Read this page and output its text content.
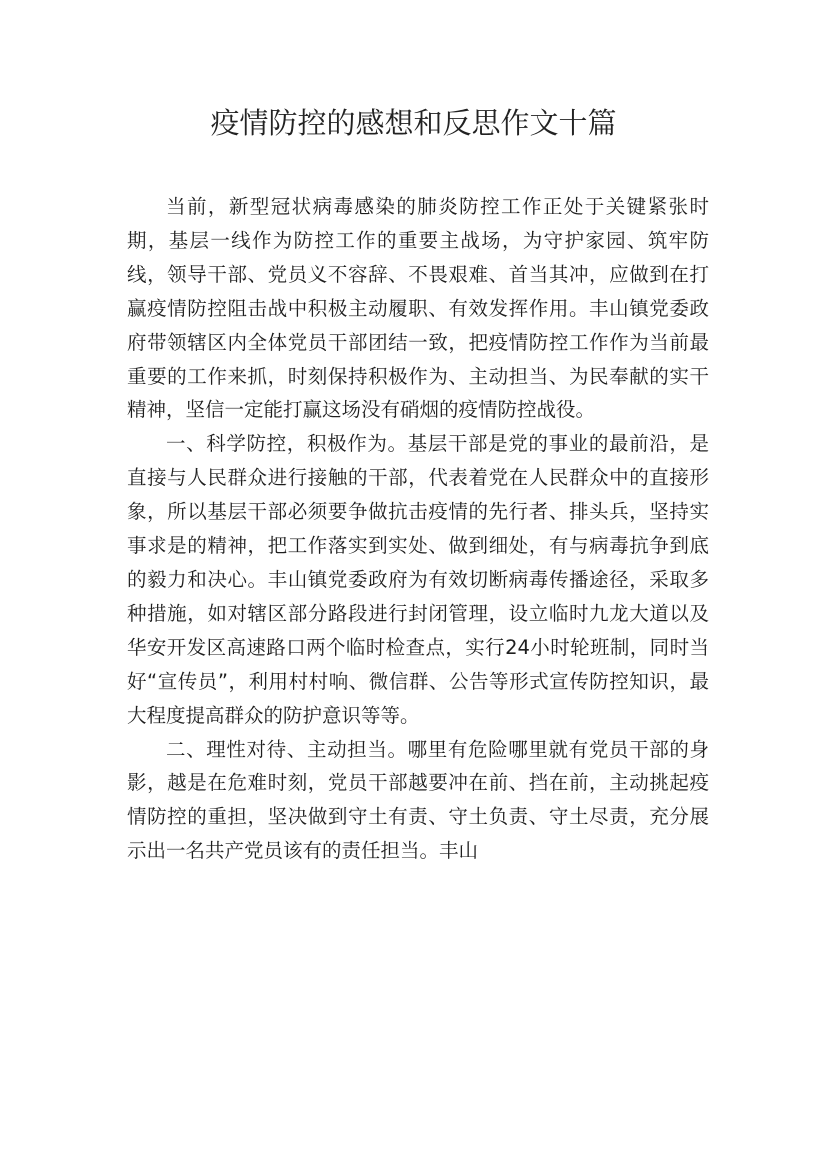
疫情防控的感想和反思作文十篇

当前，新型冠状病毒感染的肺炎防控工作正处于关键紧张时期，基层一线作为防控工作的重要主战场，为守护家园、筑牢防线，领导干部、党员义不容辞、不畏艰难、首当其冲，应做到在打赢疫情防控阻击战中积极主动履职、有效发挥作用。丰山镇党委政府带领辖区内全体党员干部团结一致，把疫情防控工作作为当前最重要的工作来抓，时刻保持积极作为、主动担当、为民奉献的实干精神，坚信一定能打赢这场没有硝烟的疫情防控战役。

一、科学防控，积极作为。基层干部是党的事业的最前沿，是直接与人民群众进行接触的干部，代表着党在人民群众中的直接形象，所以基层干部必须要争做抗击疫情的先行者、排头兵，坚持实事求是的精神，把工作落实到实处、做到细处，有与病毒抗争到底的毅力和决心。丰山镇党委政府为有效切断病毒传播途径，采取多种措施，如对辖区部分路段进行封闭管理，设立临时九龙大道以及华安开发区高速路口两个临时检查点，实行24小时轮班制，同时当好“宣传员”，利用村村响、微信群、公告等形式宣传防控知识，最大程度提高群众的防护意识等等。

二、理性对待、主动担当。哪里有危险哪里就有党员干部的身影，越是在危难时刻，党员干部越要冲在前、挡在前，主动挑起疫情防控的重担，坚决做到守土有责、守土负责、守土尽责，充分展示出一名共产党员该有的责任担当。丰山
